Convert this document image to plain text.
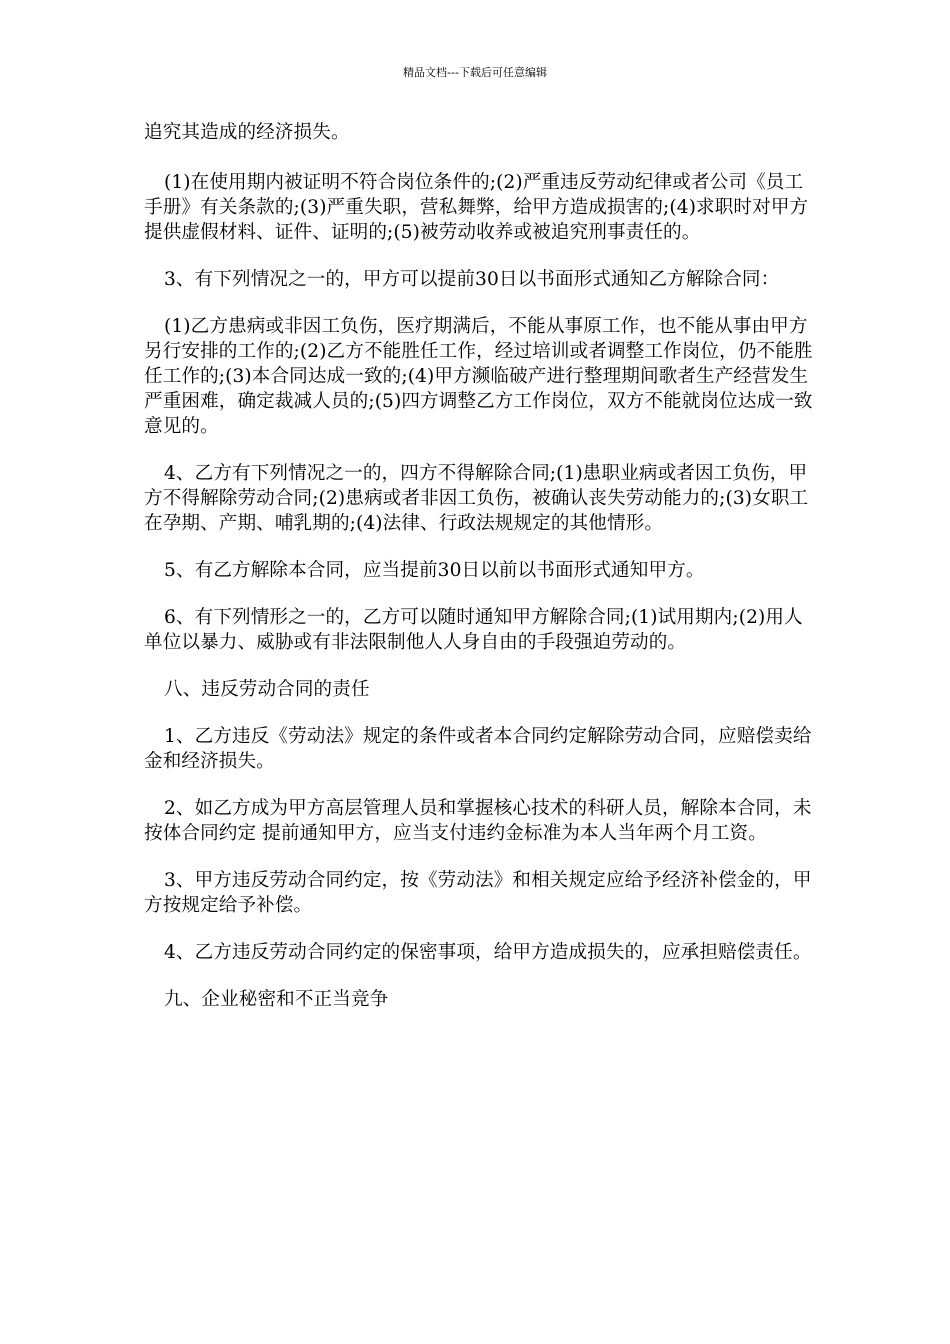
精品文档---下载后可任意编辑

追究其造成的经济损失。

(1)在使用期内被证明不符合岗位条件的;(2)严重违反劳动纪律或者公司《员工手册》有关条款的;(3)严重失职，营私舞弊，给甲方造成损害的;(4)求职时对甲方提供虚假材料、证件、证明的;(5)被劳动收养或被追究刑事责任的。

3、有下列情况之一的，甲方可以提前30日以书面形式通知乙方解除合同：

(1)乙方患病或非因工负伤，医疗期满后，不能从事原工作，也不能从事由甲方另行安排的工作的;(2)乙方不能胜任工作，经过培训或者调整工作岗位，仍不能胜任工作的;(3)本合同达成一致的;(4)甲方濒临破产进行整理期间歌者生产经营发生严重困难，确定裁减人员的;(5)四方调整乙方工作岗位，双方不能就岗位达成一致意见的。

4、乙方有下列情况之一的，四方不得解除合同;(1)患职业病或者因工负伤，甲方不得解除劳动合同;(2)患病或者非因工负伤，被确认丧失劳动能力的;(3)女职工在孕期、产期、哺乳期的;(4)法律、行政法规规定的其他情形。

5、有乙方解除本合同，应当提前30日以前以书面形式通知甲方。

6、有下列情形之一的，乙方可以随时通知甲方解除合同;(1)试用期内;(2)用人单位以暴力、威胁或有非法限制他人人身自由的手段强迫劳动的。

八、违反劳动合同的责任

1、乙方违反《劳动法》规定的条件或者本合同约定解除劳动合同，应赔偿卖给金和经济损失。

2、如乙方成为甲方高层管理人员和掌握核心技术的科研人员，解除本合同，未按体合同约定 提前通知甲方，应当支付违约金标准为本人当年两个月工资。

3、甲方违反劳动合同约定，按《劳动法》和相关规定应给予经济补偿金的，甲方按规定给予补偿。

4、乙方违反劳动合同约定的保密事项，给甲方造成损失的，应承担赔偿责任。

九、企业秘密和不正当竞争
